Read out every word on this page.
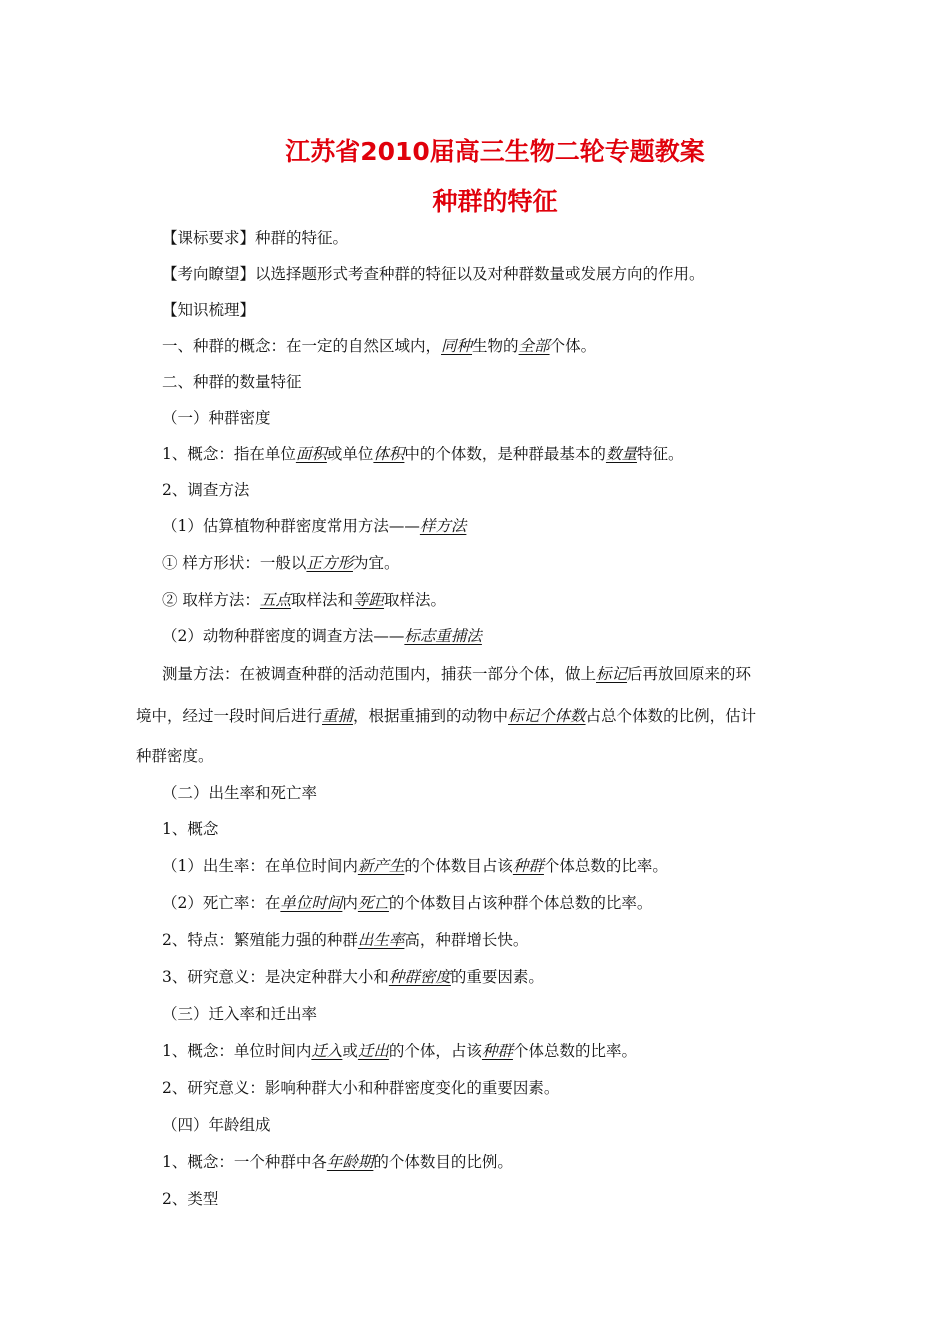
江苏省2010届高三生物二轮专题教案
种群的特征
【课标要求】种群的特征。
【考向瞭望】以选择题形式考查种群的特征以及对种群数量或发展方向的作用。
【知识梳理】
一、种群的概念：在一定的自然区域内，同种生物的全部个体。
二、种群的数量特征
（一）种群密度
1、概念：指在单位面积或单位体积中的个体数，是种群最基本的数量特征。
2、调查方法
（1）估算植物种群密度常用方法——样方法
① 样方形状：一般以正方形为宜。
② 取样方法：五点取样法和等距取样法。
（2）动物种群密度的调查方法——标志重捕法
测量方法：在被调查种群的活动范围内，捕获一部分个体，做上标记后再放回原来的环
境中，经过一段时间后进行重捕，根据重捕到的动物中标记个体数占总个体数的比例，估计
种群密度。
（二）出生率和死亡率
1、概念
（1）出生率：在单位时间内新产生的个体数目占该种群个体总数的比率。
（2）死亡率：在单位时间内死亡的个体数目占该种群个体总数的比率。
2、特点：繁殖能力强的种群出生率高，种群增长快。
3、研究意义：是决定种群大小和种群密度的重要因素。
（三）迁入率和迁出率
1、概念：单位时间内迁入或迁出的个体，占该种群个体总数的比率。
2、研究意义：影响种群大小和种群密度变化的重要因素。
（四）年龄组成
1、概念：一个种群中各年龄期的个体数目的比例。
2、类型
